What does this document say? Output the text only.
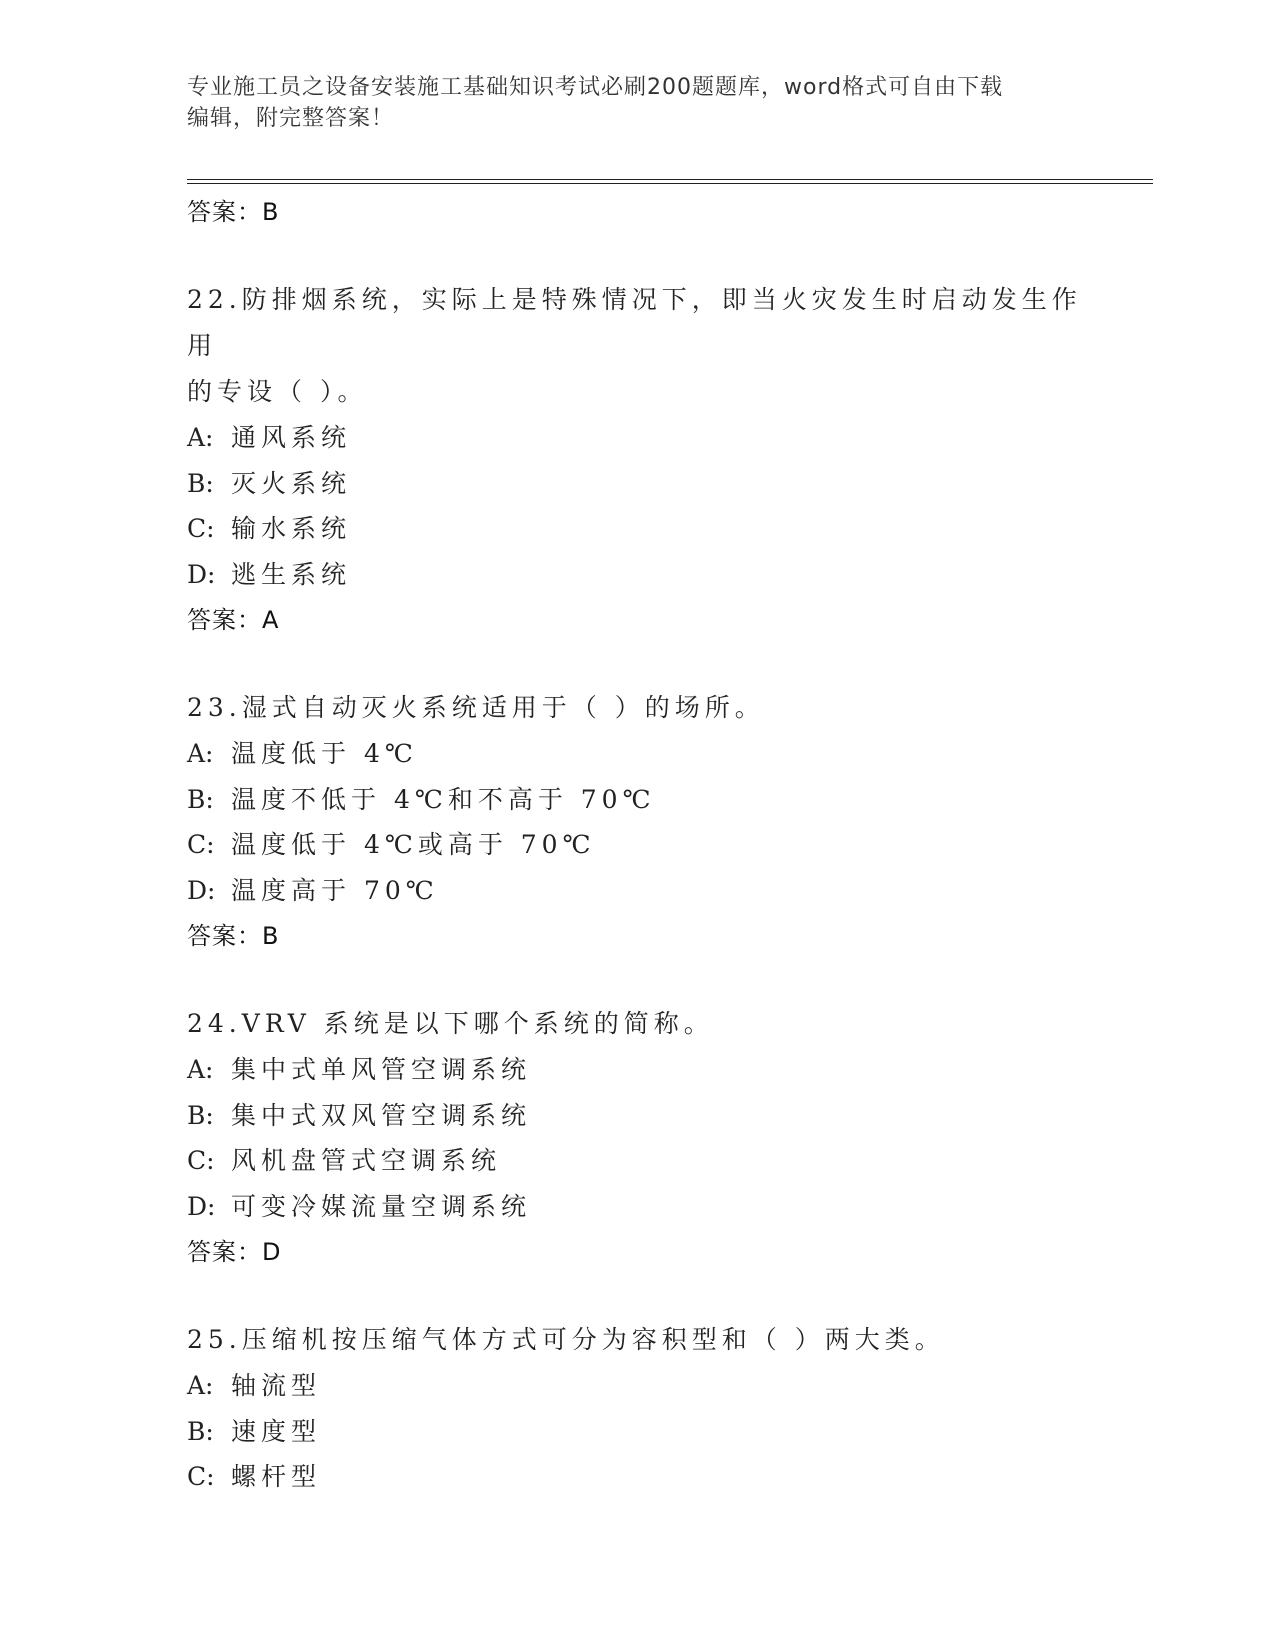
专业施工员之设备安装施工基础知识考试必刷200题题库，word格式可自由下载
编辑，附完整答案！

答案：B

22.防排烟系统，实际上是特殊情况下，即当火灾发生时启动发生作用

的专设（ ）。

A: 通风系统

B: 灭火系统

C: 输水系统

D: 逃生系统

答案：A

23.湿式自动灭火系统适用于（ ）的场所。

A: 温度低于 4℃

B: 温度不低于 4℃和不高于 70℃

C: 温度低于 4℃或高于 70℃

D: 温度高于 70℃

答案：B

24.VRV 系统是以下哪个系统的简称。

A: 集中式单风管空调系统

B: 集中式双风管空调系统

C: 风机盘管式空调系统

D: 可变冷媒流量空调系统

答案：D

25.压缩机按压缩气体方式可分为容积型和（ ）两大类。

A: 轴流型

B: 速度型

C: 螺杆型
